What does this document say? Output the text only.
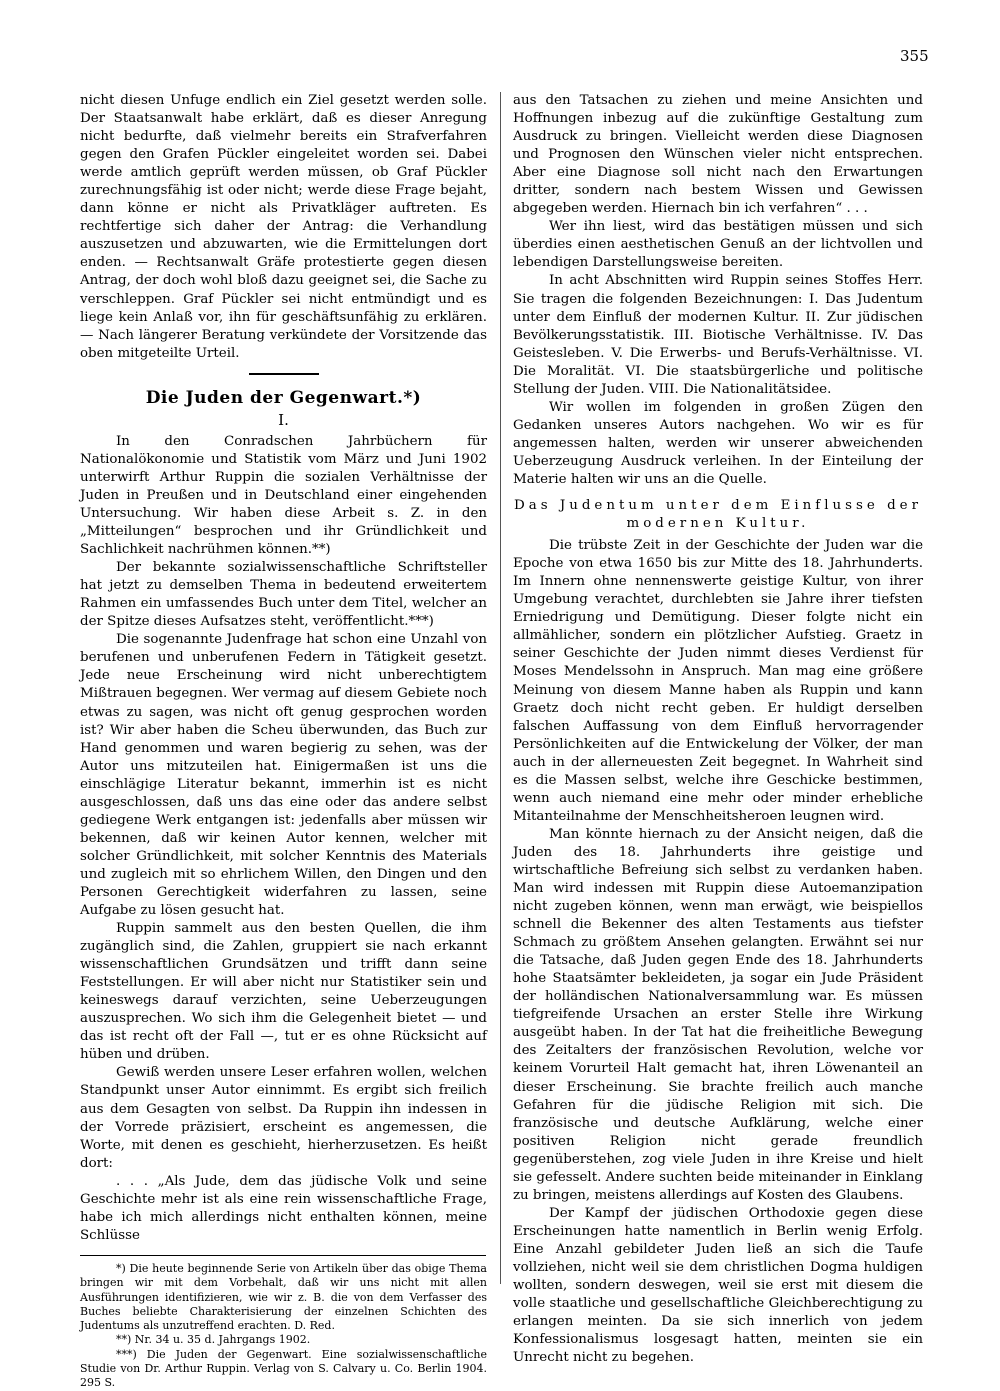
355

nicht diesen Unfuge endlich ein Ziel gesetzt werden solle. Der Staatsanwalt habe erklärt, daß es dieser Anregung nicht bedurfte, daß vielmehr bereits ein Strafverfahren gegen den Grafen Pückler eingeleitet worden sei. Dabei werde amtlich geprüft werden müssen, ob Graf Pückler zurechnungsfähig ist oder nicht; werde diese Frage bejaht, dann könne er nicht als Privatkläger auftreten. Es rechtfertige sich daher der Antrag: die Verhandlung auszusetzen und abzuwarten, wie die Ermittelungen dort enden. — Rechtsanwalt Gräfe protestierte gegen diesen Antrag, der doch wohl bloß dazu geeignet sei, die Sache zu verschleppen. Graf Pückler sei nicht entmündigt und es liege kein Anlaß vor, ihn für geschäftsunfähig zu erklären. — Nach längerer Beratung verkündete der Vorsitzende das oben mitgeteilte Urteil.

Die Juden der Gegenwart.*)
I.

In den Conradschen Jahrbüchern für Nationalökonomie und Statistik vom März und Juni 1902 unterwirft Arthur Ruppin die sozialen Verhältnisse der Juden in Preußen und in Deutschland einer eingehenden Untersuchung. Wir haben diese Arbeit s. Z. in den „Mitteilungen“ besprochen und ihr Gründlichkeit und Sachlichkeit nachrühmen können.**)

Der bekannte sozialwissenschaftliche Schriftsteller hat jetzt zu demselben Thema in bedeutend erweitertem Rahmen ein umfassendes Buch unter dem Titel, welcher an der Spitze dieses Aufsatzes steht, veröffentlicht.***)

Die sogenannte Judenfrage hat schon eine Unzahl von berufenen und unberufenen Federn in Tätigkeit gesetzt. Jede neue Erscheinung wird nicht unberechtigtem Mißtrauen begegnen. Wer vermag auf diesem Gebiete noch etwas zu sagen, was nicht oft genug gesprochen worden ist? Wir aber haben die Scheu überwunden, das Buch zur Hand genommen und waren begierig zu sehen, was der Autor uns mitzuteilen hat. Einigermaßen ist uns die einschlägige Literatur bekannt, immerhin ist es nicht ausgeschlossen, daß uns das eine oder das andere selbst gediegene Werk entgangen ist: jedenfalls aber müssen wir bekennen, daß wir keinen Autor kennen, welcher mit solcher Gründlichkeit, mit solcher Kenntnis des Materials und zugleich mit so ehrlichem Willen, den Dingen und den Personen Gerechtigkeit widerfahren zu lassen, seine Aufgabe zu lösen gesucht hat.

Ruppin sammelt aus den besten Quellen, die ihm zugänglich sind, die Zahlen, gruppiert sie nach erkannt wissenschaftlichen Grundsätzen und trifft dann seine Feststellungen. Er will aber nicht nur Statistiker sein und keineswegs darauf verzichten, seine Ueberzeugungen auszusprechen. Wo sich ihm die Gelegenheit bietet — und das ist recht oft der Fall —, tut er es ohne Rücksicht auf hüben und drüben.

Gewiß werden unsere Leser erfahren wollen, welchen Standpunkt unser Autor einnimmt. Es ergibt sich freilich aus dem Gesagten von selbst. Da Ruppin ihn indessen in der Vorrede präzisiert, erscheint es angemessen, die Worte, mit denen es geschieht, hierherzusetzen. Es heißt dort:

. . . „Als Jude, dem das jüdische Volk und seine Geschichte mehr ist als eine rein wissenschaftliche Frage, habe ich mich allerdings nicht enthalten können, meine Schlüsse

*) Die heute beginnende Serie von Artikeln über das obige Thema bringen wir mit dem Vorbehalt, daß wir uns nicht mit allen Ausführungen identifizieren, wie wir z. B. die von dem Verfasser des Buches beliebte Charakterisierung der einzelnen Schichten des Judentums als unzutreffend erachten. D. Red.

**) Nr. 34 u. 35 d. Jahrgangs 1902.

***) Die Juden der Gegenwart. Eine sozialwissenschaftliche Studie von Dr. Arthur Ruppin. Verlag von S. Calvary u. Co. Berlin 1904. 295 S.

aus den Tatsachen zu ziehen und meine Ansichten und Hoffnungen inbezug auf die zukünftige Gestaltung zum Ausdruck zu bringen. Vielleicht werden diese Diagnosen und Prognosen den Wünschen vieler nicht entsprechen. Aber eine Diagnose soll nicht nach den Erwartungen dritter, sondern nach bestem Wissen und Gewissen abgegeben werden. Hiernach bin ich verfahren“ . . .

Wer ihn liest, wird das bestätigen müssen und sich überdies einen aesthetischen Genuß an der lichtvollen und lebendigen Darstellungsweise bereiten.

In acht Abschnitten wird Ruppin seines Stoffes Herr. Sie tragen die folgenden Bezeichnungen: I. Das Judentum unter dem Einfluß der modernen Kultur. II. Zur jüdischen Bevölkerungsstatistik. III. Biotische Verhältnisse. IV. Das Geistesleben. V. Die Erwerbs- und Berufs-Verhältnisse. VI. Die Moralität. VI. Die staatsbürgerliche und politische Stellung der Juden. VIII. Die Nationalitätsidee.

Wir wollen im folgenden in großen Zügen den Gedanken unseres Autors nachgehen. Wo wir es für angemessen halten, werden wir unserer abweichenden Ueberzeugung Ausdruck verleihen. In der Einteilung der Materie halten wir uns an die Quelle.

Das Judentum unter dem Einflusse der modernen Kultur.

Die trübste Zeit in der Geschichte der Juden war die Epoche von etwa 1650 bis zur Mitte des 18. Jahrhunderts. Im Innern ohne nennenswerte geistige Kultur, von ihrer Umgebung verachtet, durchlebten sie Jahre ihrer tiefsten Erniedrigung und Demütigung. Dieser folgte nicht ein allmählicher, sondern ein plötzlicher Aufstieg. Graetz in seiner Geschichte der Juden nimmt dieses Verdienst für Moses Mendelssohn in Anspruch. Man mag eine größere Meinung von diesem Manne haben als Ruppin und kann Graetz doch nicht recht geben. Er huldigt derselben falschen Auffassung von dem Einfluß hervorragender Persönlichkeiten auf die Entwickelung der Völker, der man auch in der allerneuesten Zeit begegnet. In Wahrheit sind es die Massen selbst, welche ihre Geschicke bestimmen, wenn auch niemand eine mehr oder minder erhebliche Mitanteilnahme der Menschheitsheroen leugnen wird.

Man könnte hiernach zu der Ansicht neigen, daß die Juden des 18. Jahrhunderts ihre geistige und wirtschaftliche Befreiung sich selbst zu verdanken haben. Man wird indessen mit Ruppin diese Autoemanzipation nicht zugeben können, wenn man erwägt, wie beispiellos schnell die Bekenner des alten Testaments aus tiefster Schmach zu größtem Ansehen gelangten. Erwähnt sei nur die Tatsache, daß Juden gegen Ende des 18. Jahrhunderts hohe Staatsämter bekleideten, ja sogar ein Jude Präsident der holländischen Nationalversammlung war. Es müssen tiefgreifende Ursachen an erster Stelle ihre Wirkung ausgeübt haben. In der Tat hat die freiheitliche Bewegung des Zeitalters der französischen Revolution, welche vor keinem Vorurteil Halt gemacht hat, ihren Löwenanteil an dieser Erscheinung. Sie brachte freilich auch manche Gefahren für die jüdische Religion mit sich. Die französische und deutsche Aufklärung, welche einer positiven Religion nicht gerade freundlich gegenüberstehen, zog viele Juden in ihre Kreise und hielt sie gefesselt. Andere suchten beide miteinander in Einklang zu bringen, meistens allerdings auf Kosten des Glaubens.

Der Kampf der jüdischen Orthodoxie gegen diese Erscheinungen hatte namentlich in Berlin wenig Erfolg. Eine Anzahl gebildeter Juden ließ an sich die Taufe vollziehen, nicht weil sie dem christlichen Dogma huldigen wollten, sondern deswegen, weil sie erst mit diesem die volle staatliche und gesellschaftliche Gleichberechtigung zu erlangen meinten. Da sie sich innerlich von jedem Konfessionalismus losgesagt hatten, meinten sie ein Unrecht nicht zu begehen.
